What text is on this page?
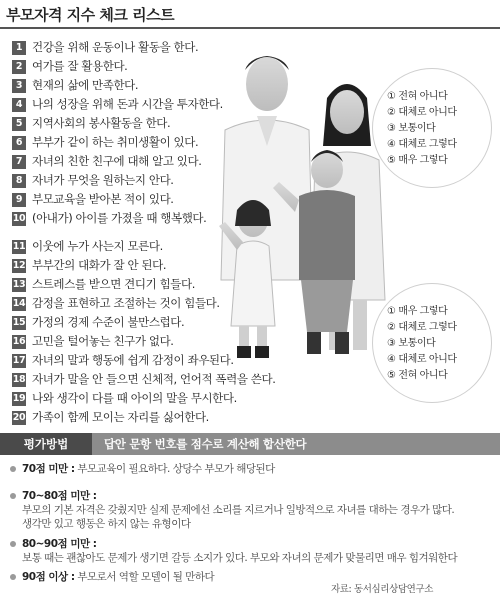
부모자격 지수 체크 리스트
1 건강을 위해 운동이나 활동을 한다.
2 여가를 잘 활용한다.
3 현재의 삶에 만족한다.
4 나의 성장을 위해 돈과 시간을 투자한다.
5 지역사회의 봉사활동을 한다.
6 부부가 같이 하는 취미생활이 있다.
7 자녀의 친한 친구에 대해 알고 있다.
8 자녀가 무엇을 원하는지 안다.
9 부모교육을 받아본 적이 있다.
10 (아내가) 아이를 가졌을 때 행복했다.
11 이웃에 누가 사는지 모른다.
12 부부간의 대화가 잘 안 된다.
13 스트레스를 받으면 견디기 힘들다.
14 감정을 표현하고 조절하는 것이 힘들다.
15 가정의 경제 수준이 불만스럽다.
16 고민을 털어놓는 친구가 없다.
17 자녀의 말과 행동에 쉽게 감정이 좌우된다.
18 자녀가 말을 안 들으면 신체적, 언어적 폭력을 쓴다.
19 나와 생각이 다를 때 아이의 말을 무시한다.
20 가족이 함께 모이는 자리를 싫어한다.
① 전혀 아니다
② 대체로 아니다
③ 보통이다
④ 대체로 그렇다
⑤ 매우 그렇다
① 매우 그렇다
② 대체로 그렇다
③ 보통이다
④ 대체로 아니다
⑤ 전혀 아니다
평가방법	답안 문항 번호를 점수로 계산해 합산한다
70점 미만 : 부모교육이 필요하다. 상당수 부모가 해당된다
70~80점 미만 :
부모의 기본 자격은 갖췄지만 실제 문제에선 소리를 지르거나 일방적으로 자녀를 대하는 경우가 많다.
생각만 있고 행동은 하지 않는 유형이다
80~90점 미만 :
보통 때는 괜찮아도 문제가 생기면 갈등 소지가 있다. 부모와 자녀의 문제가 맞물리면 매우 힘겨워한다
90점 이상 : 부모로서 역할 모델이 될 만하다
자료: 동서심리상담연구소
